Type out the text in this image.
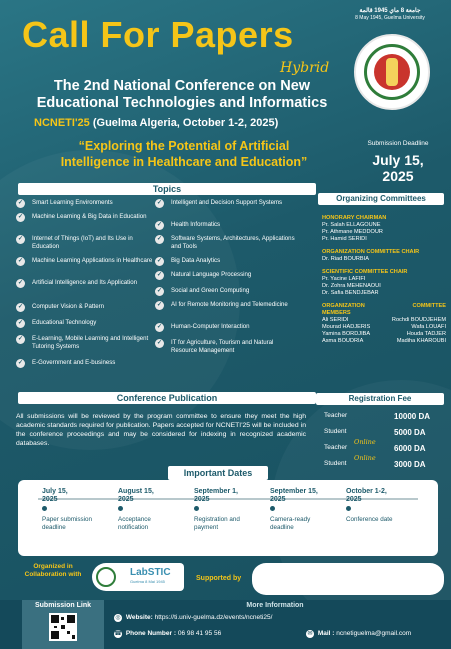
جامعة 8 ماي 1945 قالمة
8 May 1945, Guelma University
Call For Papers
Hybrid
The 2nd National Conference on New
Educational Technologies and Informatics
NCNETI'25 (Guelma Algeria, October 1-2, 2025)
“Exploring the Potential of Artificial
Intelligence in Healthcare and Education”
Submission Deadline
July 15,
2025
Topics
✓	Smart Learning Environments
✓	Machine Learning & Big Data in Education
✓	Internet of Things (IoT) and Its Use in Education
✓	Machine Learning Applications in Healthcare
✓	Artificial Intelligence and Its Application
✓	Computer Vision & Pattern
✓	Educational Technology
✓	E-Learning, Mobile Learning and Intelligent Tutoring Systems
✓	E-Government and E-business
✓	Intelligent and Decision Support Systems
✓	Health Informatics
✓	Software Systems, Architectures, Applications and Tools
✓	Big Data Analytics
✓	Natural Language Processing
✓	Social and Green Computing
✓	AI for Remote Monitoring and Telemedicine
✓	Human-Computer Interaction
✓	IT for Agriculture, Tourism and Natural Resource Management
Organizing Committees
HONORARY CHAIRMAN
Pr. Salah ELLAGOUNE
Pr. Athmane MEDDOUR
Pr. Hamid SERIDI
ORGANIZATION COMMITTEE CHAIR
Dr. Riad BOURBIA
SCIENTIFIC COMMITTEE CHAIR
Pr. Yacine LAFIFI
Dr. Zohra MEHENAOUI
Dr. Safia BENDJEBAR
ORGANIZATION	COMMITTEE
MEMBERS
Ali SERIDI	Rochdi BOUDJEHEM
Mourad HADJERIS	Wafa LOUAFI
Yamina BORDJIBA	Houda TADJER
Asma BOUDRIA	Madiha KHAROUBI
Conference Publication
All submissions will be reviewed by the program committee to ensure they meet the high academic standards required for publication. Papers accepted for NCNETI'25 will be included in the conference proceedings and may be considered for indexing in recognized academic databases.
Registration Fee
Teacher	10000 DA
Student	5000 DA
Online
Teacher	6000 DA
Online
Student	3000 DA
July 15,
2025
Paper submission deadline
August 15,
2025
Acceptance notification
September 1,
2025
Registration and payment
September 15,
2025
Camera-ready deadline
October 1-2,
2025
Conference date
Important Dates
Organized in Collaboration with	LabSTIC
Guelma 8 Mai 1945	Supported by
Submission Link	More Information
◎ Website: https://ti.univ-guelma.dz/events/ncneti25/
☎ Phone Number : 06 98 41 95 56	✉ Mail : ncnetiguelma@gmail.com
